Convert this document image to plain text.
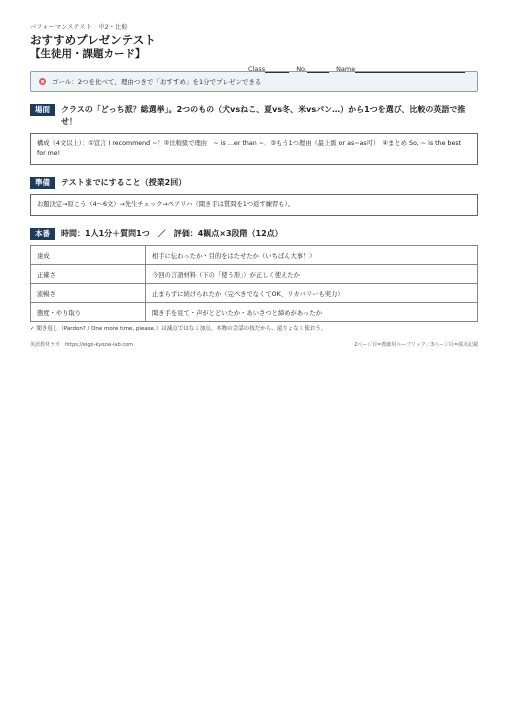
パフォーマンステスト　中2・比較
おすすめプレゼンテスト
【生徒用・課題カード】
Class	No.	Name
ゴール：2つを比べて、理由つきで「おすすめ」を1分でプレゼンできる
場面	クラスの「どっち派？総選挙」。2つのもの（犬vsねこ、夏vs冬、米vsパン…）から1つを選び、比較の英語で推せ！
構成（4文以上）：①宣言 I recommend ~！②比較級で理由　~ is …er than ~．③もう1つ理由（最上級 or as~as可）　④まとめ So, ~ is the best for me!
準備	テストまでにすること（授業2回）
お題決定→原こう（4～6文）→先生チェック→ペアリハ（聞き手は質問を1つ返す練習も）。
本番	時間：1人1分＋質問1つ　／　評価：4観点×3段階（12点）
達成	相手に伝わったか・目的をはたせたか（いちばん大事！）
正確さ	今回の言語材料（下の「使う形」）が正しく使えたか
流暢さ	止まらずに続けられたか（完ぺきでなくてOK、リカバリーも実力）
態度・やり取り	聞き手を見て・声がとどいたか・あいさつと締めがあったか
✓ 聞き返し（Pardon? / One more time, please.）は減点ではなく加点。本物の会話の技だから、遠りょなく使おう。
英語教材ラボ　https://eigo-kyozai-lab.com	2ページ目=教師用ルーブリック／3ページ目=採点記載
